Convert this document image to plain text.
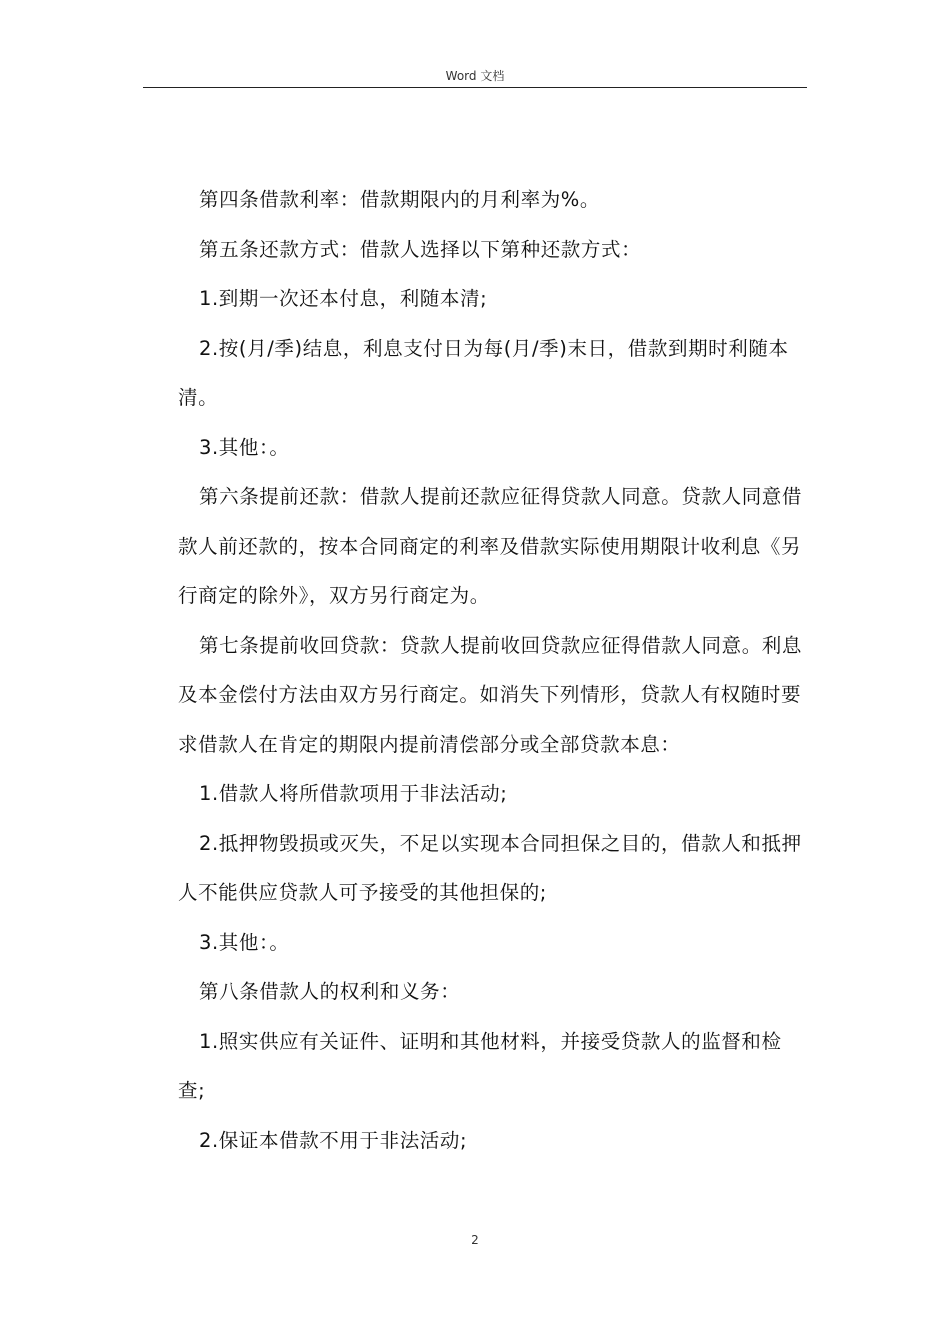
Word 文档

第四条借款利率：借款期限内的月利率为%。

第五条还款方式：借款人选择以下第种还款方式：

1.到期一次还本付息，利随本清;

2.按(月/季)结息，利息支付日为每(月/季)末日，借款到期时利随本清。

3.其他：。

第六条提前还款：借款人提前还款应征得贷款人同意。贷款人同意借款人前还款的，按本合同商定的利率及借款实际使用期限计收利息《另行商定的除外》，双方另行商定为。

第七条提前收回贷款：贷款人提前收回贷款应征得借款人同意。利息及本金偿付方法由双方另行商定。如消失下列情形，贷款人有权随时要求借款人在肯定的期限内提前清偿部分或全部贷款本息：

1.借款人将所借款项用于非法活动;

2.抵押物毁损或灭失，不足以实现本合同担保之目的，借款人和抵押人不能供应贷款人可予接受的其他担保的;

3.其他：。

第八条借款人的权利和义务：

1.照实供应有关证件、证明和其他材料，并接受贷款人的监督和检查;

2.保证本借款不用于非法活动;

2
